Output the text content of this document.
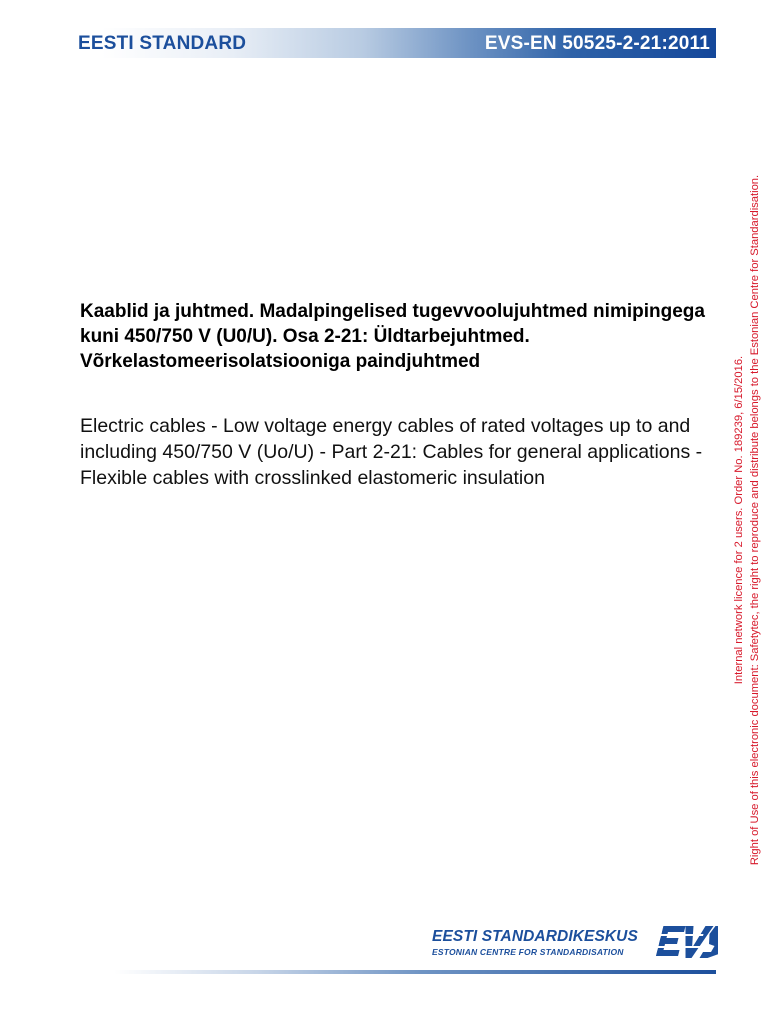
EESTI STANDARD	EVS-EN 50525-2-21:2011
Kaablid ja juhtmed. Madalpingelised tugevvoolujuhtmed nimipingega kuni 450/750 V (U0/U). Osa 2-21: Üldtarbejuhtmed. Võrkelastomeerisolatsiooniga paindjuhtmed
Electric cables - Low voltage energy cables of rated voltages up to and including 450/750 V (Uo/U) - Part 2-21: Cables for general applications - Flexible cables with crosslinked elastomeric insulation	Internal network licence for 2 users. Order No. 189239, 6/15/2016. Right of Use of this electronic document: Safetytec, the right to reproduce and distribute belongs to the Estonian Centre for Standardisation.
EESTI STANDARDIKESKUS
ESTONIAN CENTRE FOR STANDARDISATION
